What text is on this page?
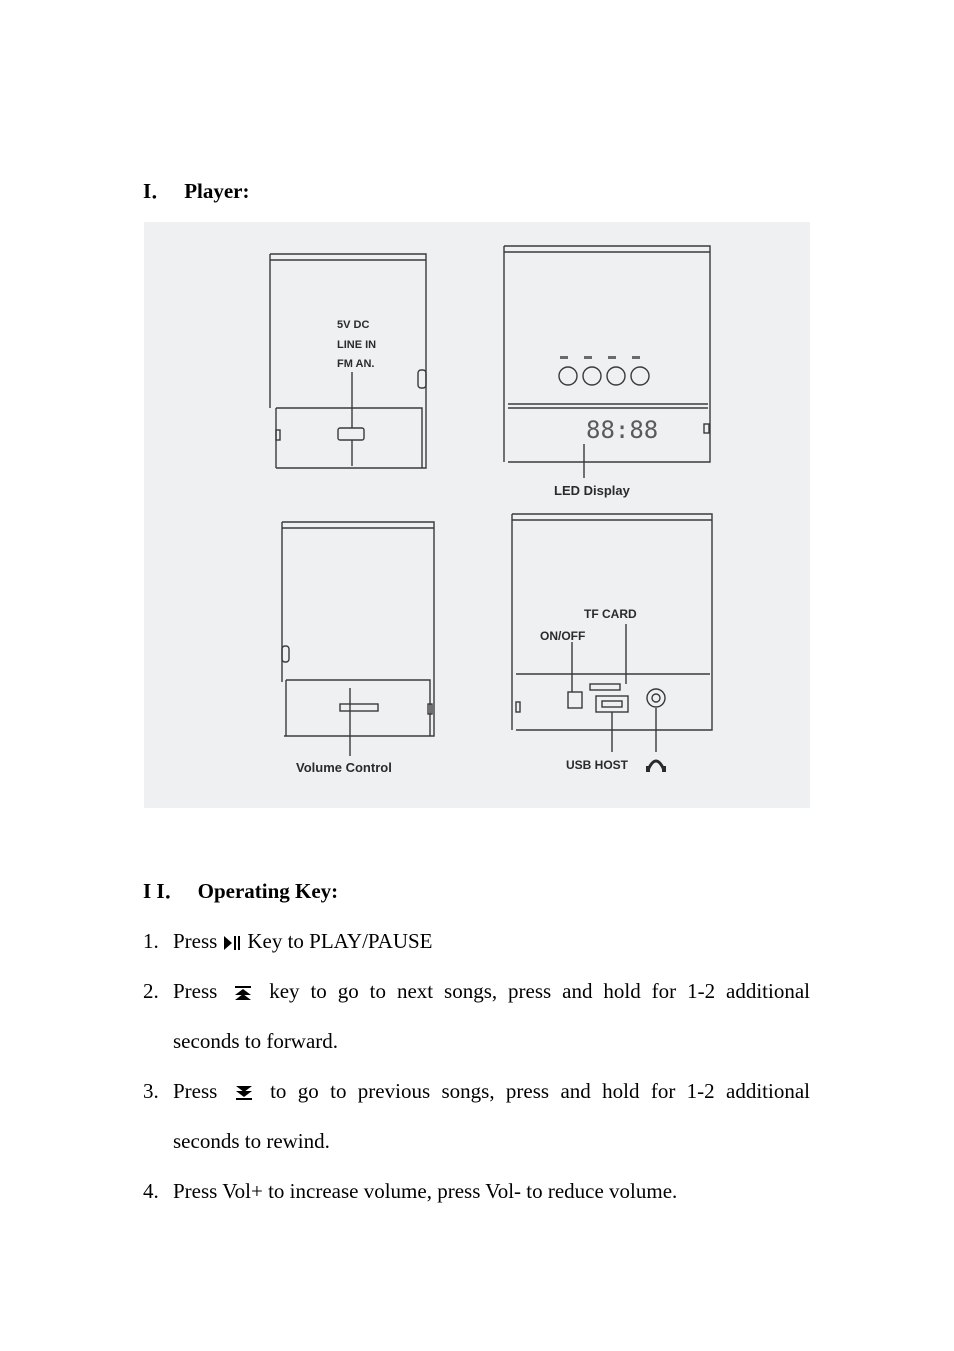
I． Player:
88:88
5V DC
LINE IN
FM AN.
LED Display
Volume Control
TF CARD
ON/OFF
USB HOST
I I． Operating Key:
1. Press Key to PLAY/PAUSE
2. Press key to go to next songs, press and hold for 1-2 additional
seconds to forward.
3. Press	to go to previous songs, press and hold for 1-2 additional
seconds to rewind.
4. Press Vol+ to increase volume, press Vol- to reduce volume.
